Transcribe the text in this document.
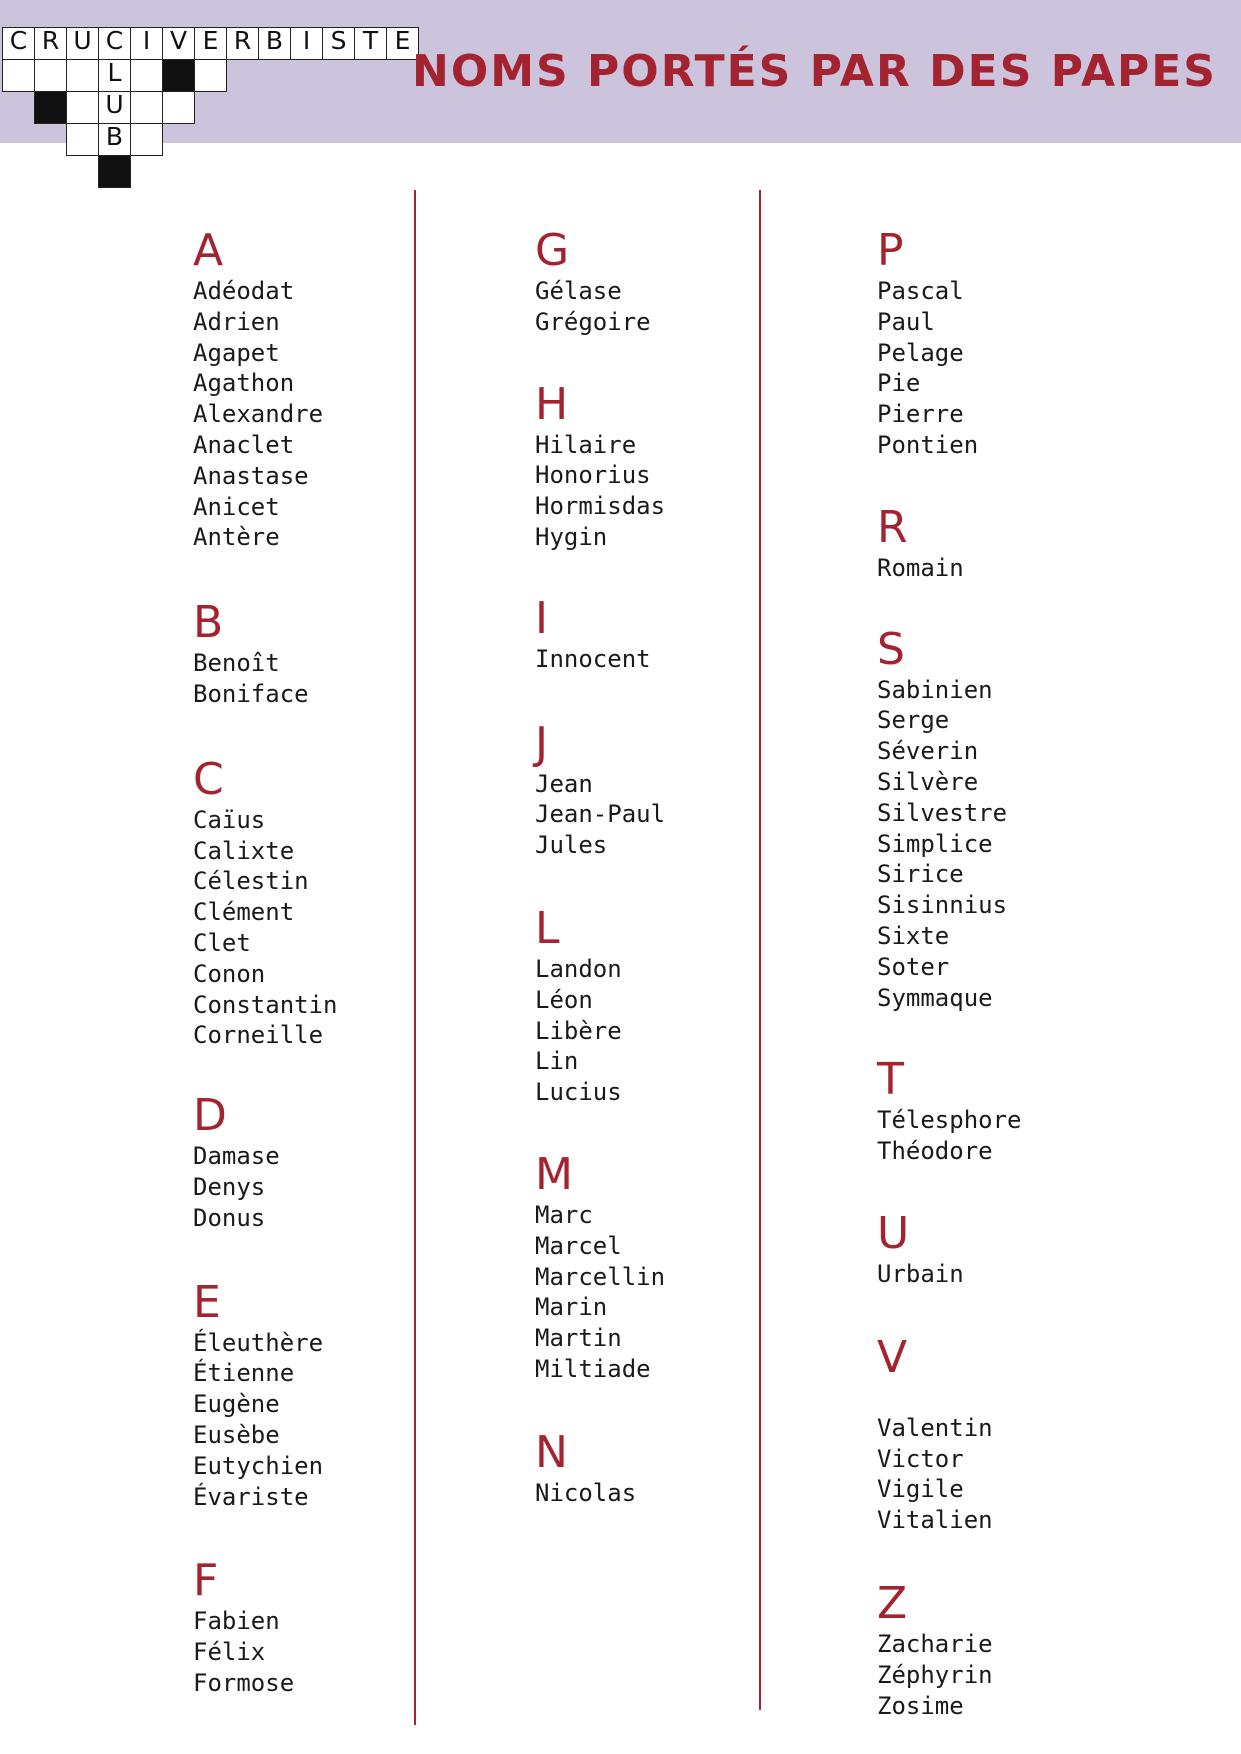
C R U C I V E R B I S T E
L
U
B
NOMS PORTÉS PAR DES PAPES
A
Adéodat
Adrien
Agapet
Agathon
Alexandre
Anaclet
Anastase
Anicet
Antère
B
Benoît
Boniface
C
Caïus
Calixte
Célestin
Clément
Clet
Conon
Constantin
Corneille
D
Damase
Denys
Donus
E
Éleuthère
Étienne
Eugène
Eusèbe
Eutychien
Évariste
F
Fabien
Félix
Formose
G
Gélase
Grégoire
H
Hilaire
Honorius
Hormisdas
Hygin
I
Innocent
J
Jean
Jean-Paul
Jules
L
Landon
Léon
Libère
Lin
Lucius
M
Marc
Marcel
Marcellin
Marin
Martin
Miltiade
N
Nicolas
P
Pascal
Paul
Pelage
Pie
Pierre
Pontien
R
Romain
S
Sabinien
Serge
Séverin
Silvère
Silvestre
Simplice
Sirice
Sisinnius
Sixte
Soter
Symmaque
T
Télesphore
Théodore
U
Urbain
V
Valentin
Victor
Vigile
Vitalien
Z
Zacharie
Zéphyrin
Zosime
